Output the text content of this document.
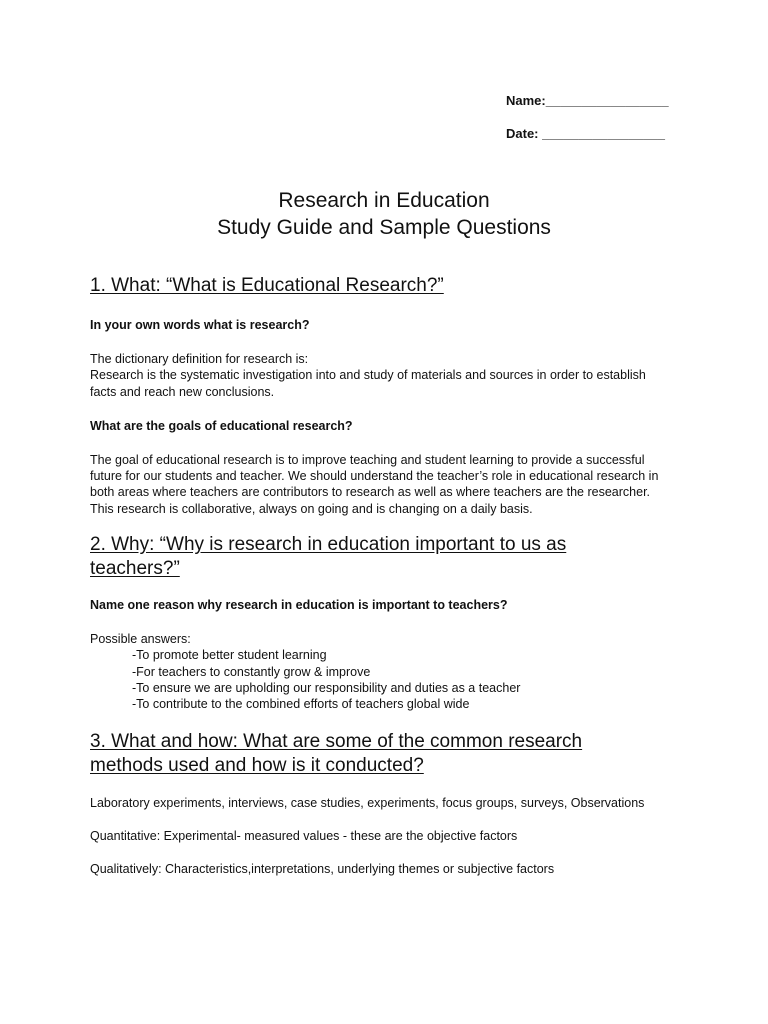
Name:_________________
Date: _________________
Research in Education
Study Guide and Sample Questions
1. What: “What is Educational Research?”

In your own words what is research?

The dictionary definition for research is:

Research is the systematic investigation into and study of materials and sources in order to establish facts and reach new conclusions.

What are the goals of educational research?

The goal of educational research is to improve teaching and student learning to provide a successful future for our students and teacher. We should understand the teacher’s role in educational research in both areas where teachers are contributors to research as well as where teachers are the researcher. This research is collaborative, always on going and is changing on a daily basis.

2. Why: “Why is research in education important to us as teachers?”

Name one reason why research in education is important to teachers?

Possible answers:

-To promote better student learning
-For teachers to constantly grow & improve
-To ensure we are upholding our responsibility and duties as a teacher
-To contribute to the combined efforts of teachers global wide
3. What and how: What are some of the common research methods used and how is it conducted?

Laboratory experiments, interviews, case studies, experiments, focus groups, surveys, Observations

Quantitative: Experimental- measured values - these are the objective factors

Qualitatively: Characteristics,interpretations, underlying themes or subjective factors
